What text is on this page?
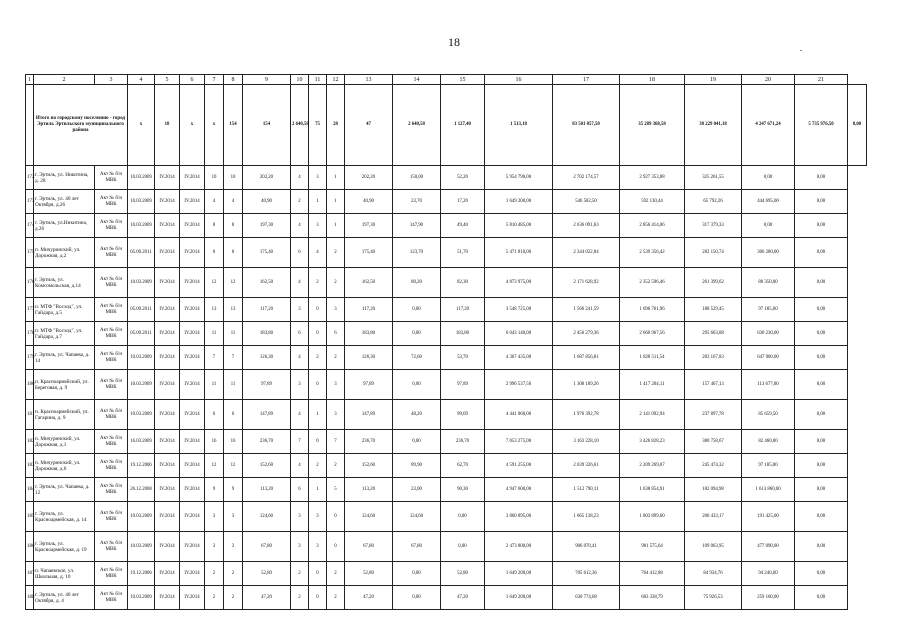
18
1	2	3	4	5	6	7	8	9	10	11	12	13	14	15	16	17	18	19	20	21	
	Итого по городскому поселению - город Эртиль Эртильского муниципального района		х	18	х	х	154	154	2 640,58	75	28	47	2 640,58	1 127,40	1 513,18	83 501 057,50	35 289 368,58	38 229 041,18	4 247 671,24	5 735 976,50	0,00
172	г. Эртиль, ул. Никитина, д. 28	Акт № б/н МВК	10.03.2009	IV.2014	IV.2014	10	10	202,20	4	3	1	202,20	150,00	52,20	5 954 790,00	2 702 174,57	2 927 353,88	325 261,55	0,00	0,00	
173	г. Эртиль, ул. 40 лет Октября, д.26	Акт № б/н МВК	10.03.2009	IV.2014	IV.2014	4	4	40,90	2	1	1	40,90	23,70	17,20	1 649 200,00	546 582,50	592 130,44	65 792,26	444 695,00	0,00	
174	г. Эртиль, ул.Никитина, д.26	Акт № б/н МВК	10.03.2009	IV.2014	IV.2014	8	8	197,30	4	3	1	197,30	147,90	49,40	5 810 485,00	2 636 091,63	2 856 414,06	317 379,33	0,00	0,00	
175	п. Мичуринский, ул. Дорожная, д.2	Акт № б/н МВК	05.09.2011	IV.2014	IV.2014	8	8	175,40	6	4	2	175,40	123,70	51,70	5 471 810,00	2 344 022,84	2 539 356,42	282 150,74	306 280,00	0,00	
176	г. Эртиль, ул. Комсомольская, д.14	Акт № б/н МВК	10.03.2009	IV.2014	IV.2014	12	12	162,50	4	2	2	162,50	80,20	82,30	4 873 975,00	2 171 628,92	2 352 596,46	261 399,62	88 350,00	0,00	
177	п. МТФ "Восход", ул. Гайдара, д.5	Акт № б/н МВК	05.09.2011	IV.2014	IV.2014	13	13	117,20	3	0	3	117,20	0,00	117,20	3 548 725,00	1 566 241,59	1 696 761,96	188 529,45	97 185,00	0,00	
178	п. МТФ "Восход", ул. Гайдара, д.7	Акт № б/н МВК	05.09.2011	IV.2014	IV.2014	11	11	183,80	6	0	6	183,80	0,00	183,80	6 043 140,00	2 456 279,36	2 660 967,56	295 663,08	630 230,00	0,00	
179	г. Эртиль, ул. Чапаева, д. 14	Акт № б/н МВК	10.03.2009	IV.2014	IV.2014	7	7	126,30	4	2	2	126,30	72,60	53,70	4 367 435,00	1 687 856,81	1 828 511,54	203 167,83	647 900,00	0,00	
180	п. Красноармейский, ул. Береговая, д. 9	Акт № б/н МВК	10.03.2009	IV.2014	IV.2014	11	11	97,89	3	0	3	97,89	0,00	97,89	2 996 537,50	1 308 189,26	1 417 204,11	157 467,13	113 677,00	0,00	
181	п. Красноармейский, ул. Гагарина, д. 9	Акт № б/н МВК	10.03.2009	IV.2014	IV.2014	6	6	147,89	4	1	3	147,89	48,20	99,69	4 441 060,00	1 976 392,78	2 141 092,94	237 897,78	85 659,50	0,00	
182	п. Мичуринский, ул. Дорожная, д.1	Акт № б/н МВК	16.03.2009	IV.2014	IV.2014	16	16	236,70	7	0	7	236,70	0,00	236,70	7 053 275,00	3 163 228,10	3 426 828,23	380 758,67	82 460,00	0,00	
183	п. Мичуринский, ул. Дорожная, д.6	Акт № б/н МВК	19.12.2006	IV.2014	IV.2014	12	12	152,60	4	2	2	152,60	89,90	62,70	4 591 255,00	2 039 326,61	2 209 269,07	245 474,32	97 185,00	0,00	
184	г. Эртиль, ул. Чапаева, д. 12	Акт № б/н МВК	26.12.2008	IV.2014	IV.2014	9	9	113,20	6	1	5	113,20	23,00	90,30	4 947 600,00	1 512 790,11	1 638 854,91	182 094,98	1 613 860,00	0,00	
185	г. Эртиль, ул. Красноармейская, д. 14	Акт № б/н МВК	10.03.2009	IV.2014	IV.2014	3	3	124,60	3	3	0	124,60	124,60	0,00	3 860 895,00	1 665 138,23	1 803 899,60	200 433,17	191 425,00	0,00	
186	г. Эртиль, ул. Красноармейская, д. 19	Акт № б/н МВК	10.03.2009	IV.2014	IV.2014	3	3	67,80	3	3	0	67,80	67,80	0,00	2 473 800,00	906 070,41	981 575,64	109 063,95	477 090,00	0,00	
187	п. Чапаевское, ул. Школьная, д. 10	Акт № б/н МВК	19.12.2006	IV.2014	IV.2014	2	2	52,80	2	0	2	52,80	0,00	52,80	1 649 200,00	705 612,36	764 412,88	84 934,76	94 240,00	0,00	
188	г. Эртиль, ул. 40 лет Октября, д. 4	Акт № б/н МВК	10.03.2009	IV.2014	IV.2014	2	2	47,20	2	0	2	47,20	0,00	47,20	1 649 200,00	630 774,68	683 338,79	75 926,53	259 160,00	0,00	
